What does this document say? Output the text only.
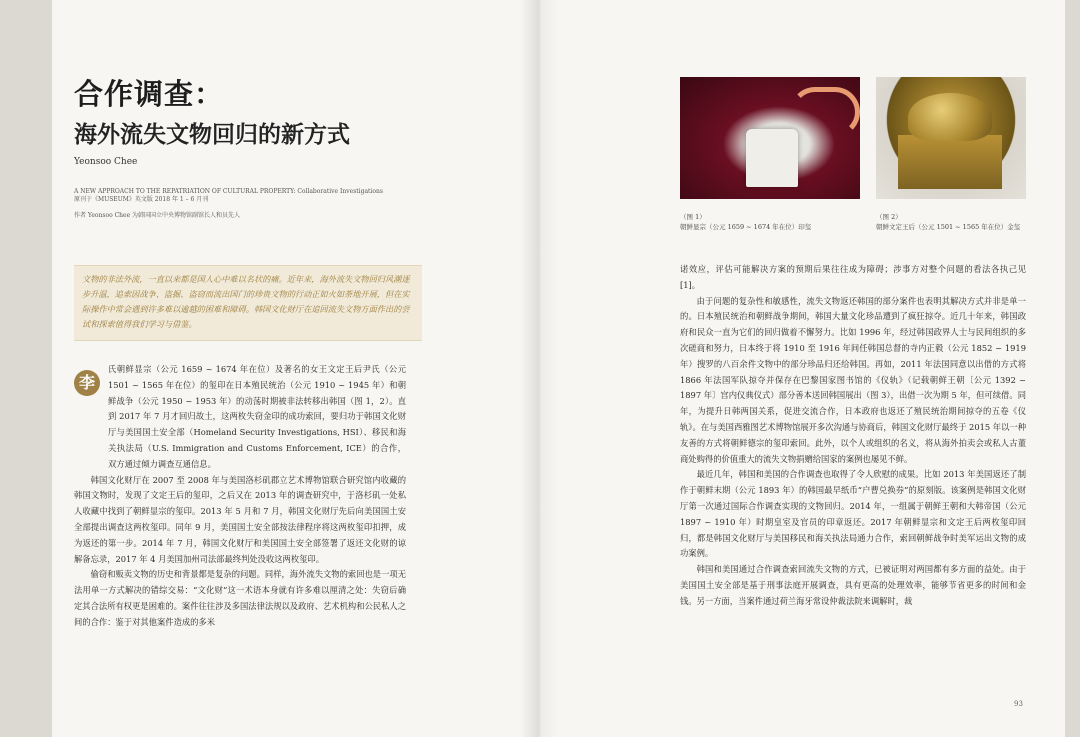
合作调查：
海外流失文物回归的新方式
Yeonsoo Chee
A NEW APPROACH TO THE REPATRIATION OF CULTURAL PROPERTY: Collaborative Investigations
原刊于《MUSEUM》英文版 2018 年 1 – 6 月刊
作者 Yeonsoo Chee 为韩国国立中央博物馆副馆长人和员先人
文物的非法外流，一直以来都是国人心中难以名状的痛。近年来，海外流失文物回归风潮逐步升温，追索因战争、盗掘、盗窃而流出国门的珍贵文物的行动正如火如荼地开展，但在实际操作中常会遇到许多难以逾越的困难和障碍。韩国文化财厅在追回流失文物方面作出的尝试和探索值得我们学习与借鉴。
李

氏朝鲜显宗（公元 1659 ~ 1674 年在位）及著名的女王文定王后尹氏（公元 1501 ~ 1565 年在位）的玺印在日本殖民统治（公元 1910 ~ 1945 年）和朝鲜战争（公元 1950 ~ 1953 年）的动荡时期被非法转移出韩国（图 1，2）。直到 2017 年 7 月才回归故土，这两枚失窃金印的成功索回，要归功于韩国文化财厅与美国国土安全部（Homeland Security Investigations, HSI）、移民和海关执法局（U.S. Immigration and Customs Enforcement, ICE）的合作，双方通过倾力调查互通信息。

韩国文化财厅在 2007 至 2008 年与美国洛杉矶郡立艺术博物馆联合研究馆内收藏的韩国文物时，发现了文定王后的玺印，之后又在 2013 年的调查研究中，于洛杉矶一处私人收藏中找到了朝鲜显宗的玺印。2013 年 5 月和 7 月，韩国文化财厅先后向美国国土安全部提出调查这两枚玺印。同年 9 月，美国国土安全部按法律程序将这两枚玺印扣押，成为返还的第一步。2014 年 7 月，韩国文化财厅和美国国土安全部签署了返还文化财的谅解备忘录，2017 年 4 月美国加州司法部最终判处没收这两枚玺印。

偷窃和贩卖文物的历史和背景都是复杂的问题。同样，海外流失文物的索回也是一项无法用单一方式解决的错综交易：“文化财”这一术语本身就有许多难以厘清之处：失窃后确定其合法所有权更是困难的。案件往往涉及多国法律法规以及政府、艺术机构和公民私人之间的合作：鉴于对其他案件造成的多米

（图 1）
朝鲜显宗（公元 1659 ~ 1674 年在位）印玺
（图 2）
朝鲜文定王后（公元 1501 ~ 1565 年在位）金玺

诺效应，评估可能解决方案的预期后果往往成为障碍；涉事方对整个问题的看法各执己见 [1]。

由于问题的复杂性和敏感性，流失文物返还韩国的部分案件也表明其解决方式并非是单一的。日本殖民统治和朝鲜战争期间，韩国大量文化珍品遭到了疯狂掠夺。近几十年来，韩国政府和民众一直为它们的回归做着不懈努力。比如 1996 年，经过韩国政界人士与民间组织的多次磋商和努力，日本终于将 1910 至 1916 年间任韩国总督的寺内正毅（公元 1852 ~ 1919 年）搜罗的八百余件文物中的部分珍品归还给韩国。再如，2011 年法国同意以出借的方式将 1866 年法国军队掠夺并保存在巴黎国家图书馆的《仪轨》（记载朝鲜王朝〔公元 1392 ~ 1897 年〕宫内仪典仪式）部分善本送回韩国展出（图 3），出借一次为期 5 年，但可续借。同年，为提升日韩两国关系，促进交流合作，日本政府也返还了殖民统治期间掠夺的五卷《仪轨》。在与美国西雅图艺术博物馆展开多次沟通与协商后，韩国文化财厅最终于 2015 年以一种友善的方式将朝鲜德宗的玺印索回。此外，以个人或组织的名义，将从海外拍卖会或私人古董商处购得的价值重大的流失文物捐赠给国家的案例也屡见不鲜。

最近几年，韩国和美国的合作调查也取得了令人欣慰的成果。比如 2013 年美国返还了制作于朝鲜末期（公元 1893 年）的韩国最早纸币“户曹兑换券”的原刻版。该案例是韩国文化财厅第一次通过国际合作调查实现的文物回归。2014 年，一组属于朝鲜王朝和大韩帝国（公元 1897 ~ 1910 年）时期皇室及官员的印章返还。2017 年朝鲜显宗和文定王后两枚玺印回归，都是韩国文化财厅与美国移民和海关执法局通力合作，索回朝鲜战争时美军运出文物的成功案例。

韩国和美国通过合作调查索回流失文物的方式，已被证明对两国都有多方面的益处。由于美国国土安全部是基于刑事法庭开展调查，具有更高的处理效率，能够节省更多的时间和金钱。另一方面，当案件通过荷兰海牙常设仲裁法院来调解时，裁

93
